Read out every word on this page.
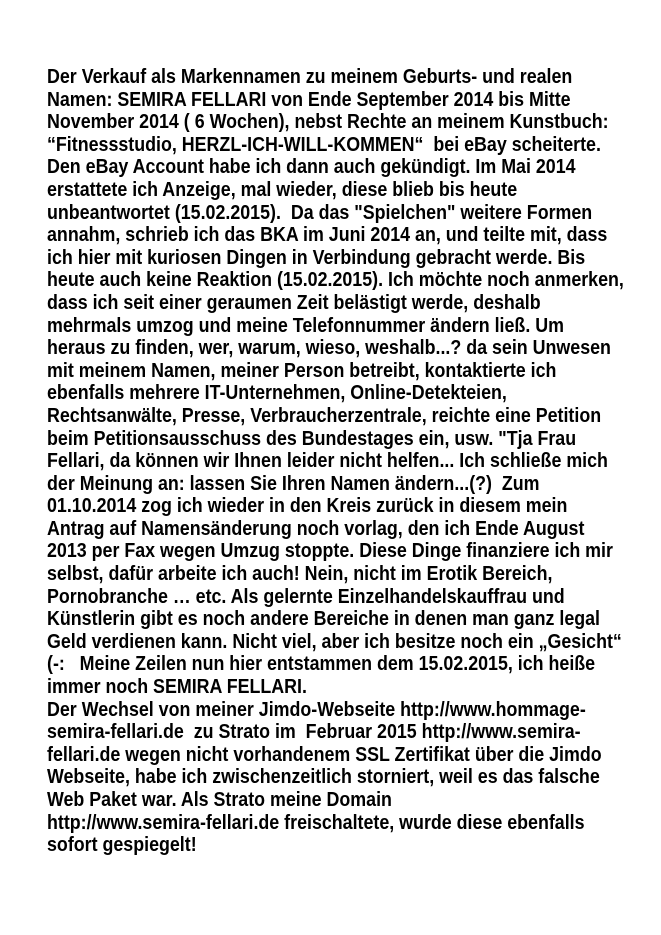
Der Verkauf als Markennamen zu meinem Geburts- und realen
Namen: SEMIRA FELLARI von Ende September 2014 bis Mitte
November 2014 ( 6 Wochen), nebst Rechte an meinem Kunstbuch:
“Fitnessstudio, HERZL-ICH-WILL-KOMMEN“  bei eBay scheiterte.
Den eBay Account habe ich dann auch gekündigt. Im Mai 2014
erstattete ich Anzeige, mal wieder, diese blieb bis heute
unbeantwortet (15.02.2015).  Da das "Spielchen" weitere Formen
annahm, schrieb ich das BKA im Juni 2014 an, und teilte mit, dass
ich hier mit kuriosen Dingen in Verbindung gebracht werde. Bis
heute auch keine Reaktion (15.02.2015). Ich möchte noch anmerken,
dass ich seit einer geraumen Zeit belästigt werde, deshalb
mehrmals umzog und meine Telefonnummer ändern ließ. Um
heraus zu finden, wer, warum, wieso, weshalb...? da sein Unwesen
mit meinem Namen, meiner Person betreibt, kontaktierte ich
ebenfalls mehrere IT-Unternehmen, Online-Detekteien,
Rechtsanwälte, Presse, Verbraucherzentrale, reichte eine Petition
beim Petitionsausschuss des Bundestages ein, usw. "Tja Frau
Fellari, da können wir Ihnen leider nicht helfen... Ich schließe mich
der Meinung an: lassen Sie Ihren Namen ändern...(?)  Zum
01.10.2014 zog ich wieder in den Kreis zurück in diesem mein
Antrag auf Namensänderung noch vorlag, den ich Ende August
2013 per Fax wegen Umzug stoppte. Diese Dinge finanziere ich mir
selbst, dafür arbeite ich auch! Nein, nicht im Erotik Bereich,
Pornobranche … etc. Als gelernte Einzelhandelskauffrau und
Künstlerin gibt es noch andere Bereiche in denen man ganz legal
Geld verdienen kann. Nicht viel, aber ich besitze noch ein „Gesicht“
(-:   Meine Zeilen nun hier entstammen dem 15.02.2015, ich heiße
immer noch SEMIRA FELLARI.
Der Wechsel von meiner Jimdo-Webseite http://www.hommage-
semira-fellari.de  zu Strato im  Februar 2015 http://www.semira-
fellari.de wegen nicht vorhandenem SSL Zertifikat über die Jimdo
Webseite, habe ich zwischenzeitlich storniert, weil es das falsche
Web Paket war. Als Strato meine Domain
http://www.semira-fellari.de freischaltete, wurde diese ebenfalls
sofort gespiegelt!
